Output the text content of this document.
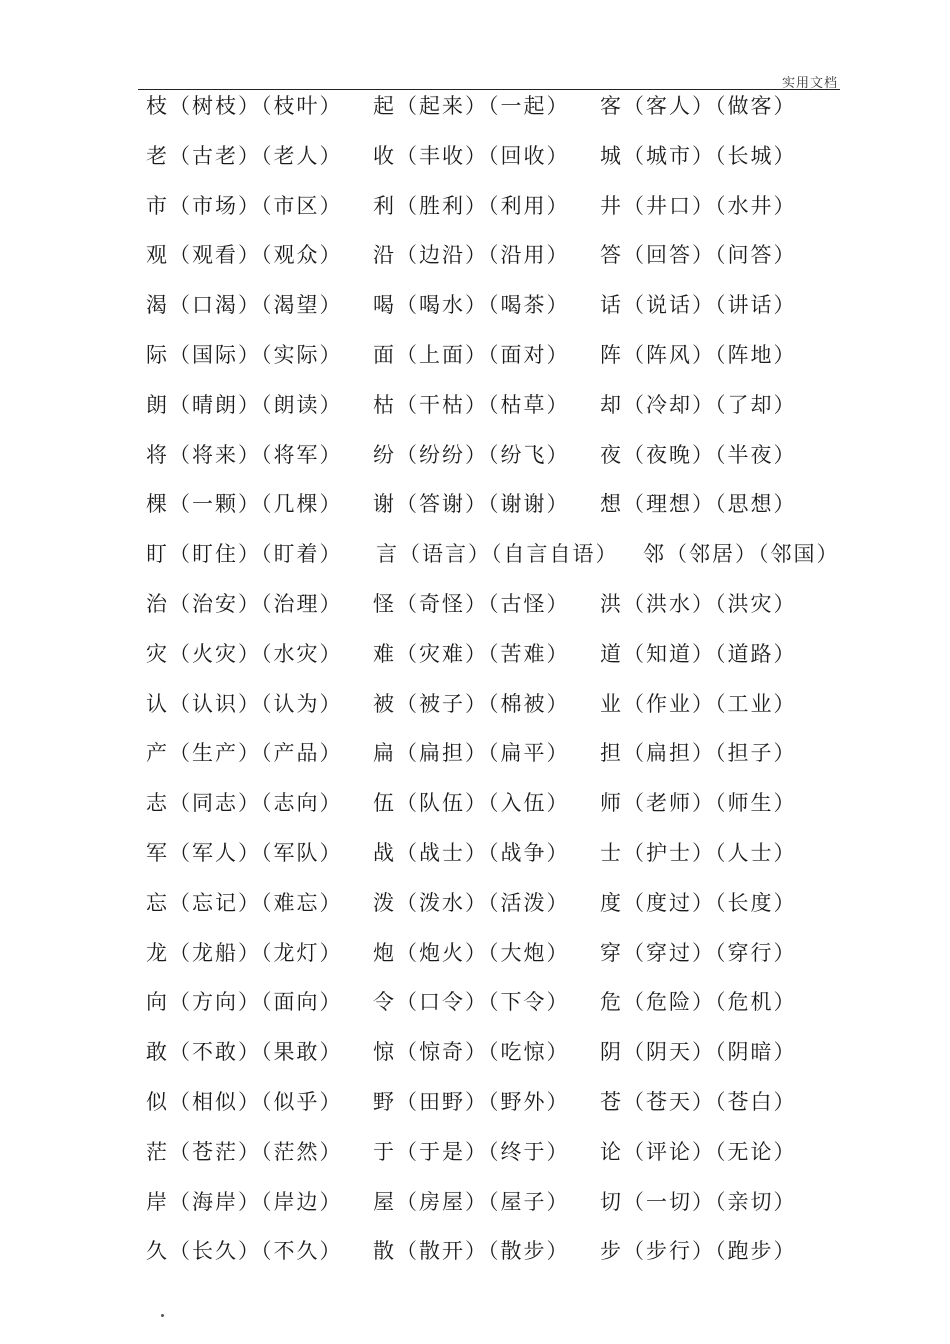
实用文档
枝（树枝）（枝叶） 起（起来）（一起） 客（客人）（做客）
老（古老）（老人） 收（丰收）（回收） 城（城市）（长城）
市（市场）（市区） 利（胜利）（利用） 井（井口）（水井）
观（观看）（观众） 沿（边沿）（沿用） 答（回答）（问答）
渴（口渴）（渴望） 喝（喝水）（喝茶） 话（说话）（讲话）
际（国际）（实际） 面（上面）（面对） 阵（阵风）（阵地）
朗（晴朗）（朗读） 枯（干枯）（枯草） 却（冷却）（了却）
将（将来）（将军） 纷（纷纷）（纷飞） 夜（夜晚）（半夜）
棵（一颗）（几棵） 谢（答谢）（谢谢） 想（理想）（思想）
盯（盯住）（盯着） 言（语言）（自言自语） 邻（邻居）（邻国）
治（治安）（治理） 怪（奇怪）（古怪） 洪（洪水）（洪灾）
灾（火灾）（水灾） 难（灾难）（苦难） 道（知道）（道路）
认（认识）（认为） 被（被子）（棉被） 业（作业）（工业）
产（生产）（产品） 扁（扁担）（扁平） 担（扁担）（担子）
志（同志）（志向） 伍（队伍）（入伍） 师（老师）（师生）
军（军人）（军队） 战（战士）（战争） 士（护士）（人士）
忘（忘记）（难忘） 泼（泼水）（活泼） 度（度过）（长度）
龙（龙船）（龙灯） 炮（炮火）（大炮） 穿（穿过）（穿行）
向（方向）（面向） 令（口令）（下令） 危（危险）（危机）
敢（不敢）（果敢） 惊（惊奇）（吃惊） 阴（阴天）（阴暗）
似（相似）（似乎） 野（田野）（野外） 苍（苍天）（苍白）
茫（苍茫）（茫然） 于（于是）（终于） 论（评论）（无论）
岸（海岸）（岸边） 屋（房屋）（屋子） 切（一切）（亲切）
久（长久）（不久） 散（散开）（散步） 步（步行）（跑步）
